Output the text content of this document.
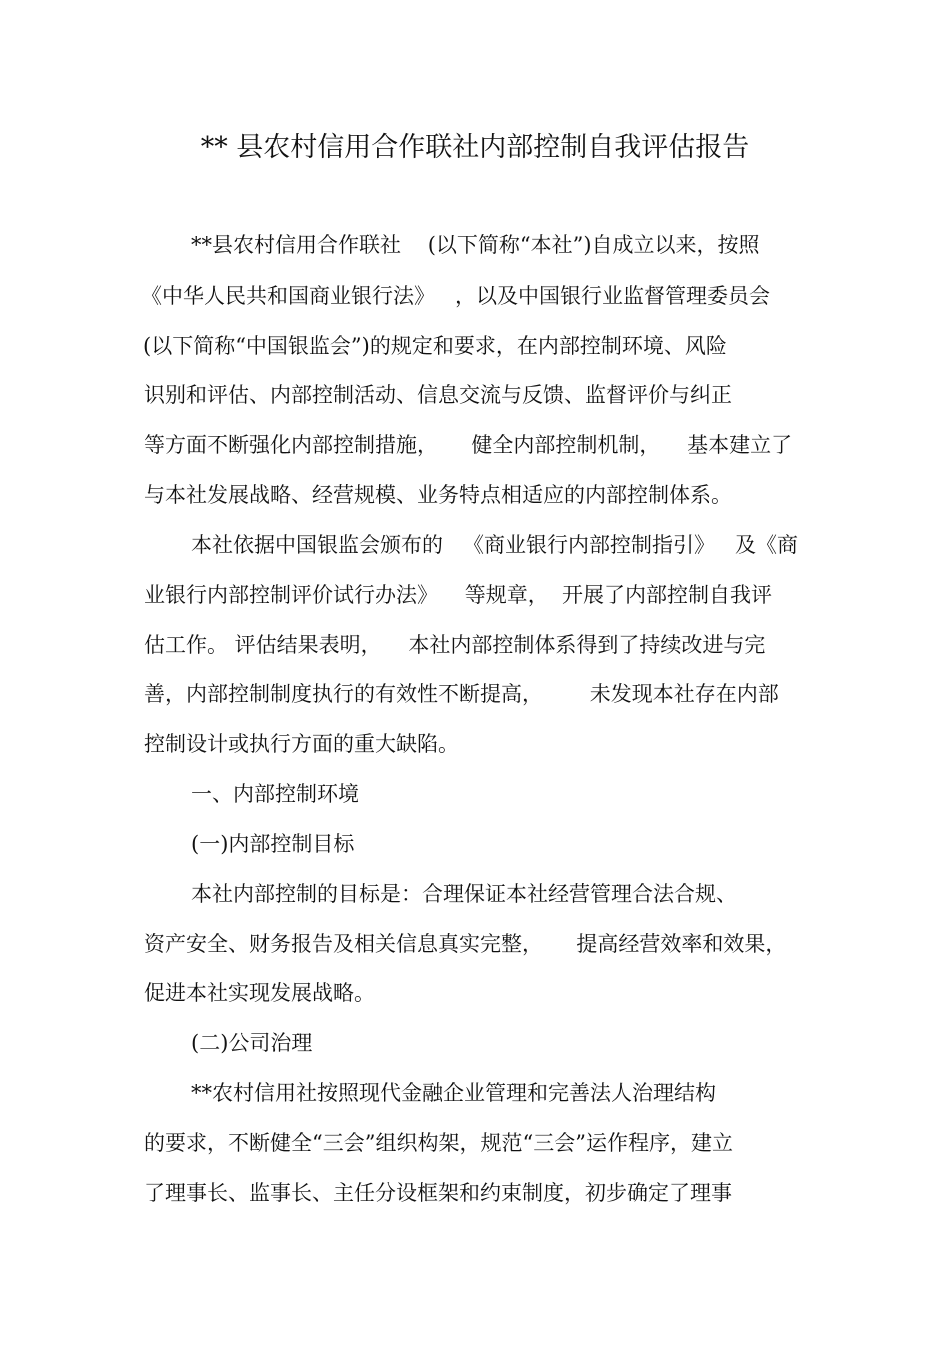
** 县农村信用合作联社内部控制自我评估报告
**县农村信用合作联社    (以下简称“本社”)自成立以来，按照
《中华人民共和国商业银行法》   ，以及中国银行业监督管理委员会
(以下简称“中国银监会”)的规定和要求，在内部控制环境、风险
识别和评估、内部控制活动、信息交流与反馈、监督评价与纠正
等方面不断强化内部控制措施，     健全内部控制机制，    基本建立了
与本社发展战略、经营规模、业务特点相适应的内部控制体系。
本社依据中国银监会颁布的   《商业银行内部控制指引》   及《商
业银行内部控制评价试行办法》    等规章，  开展了内部控制自我评
估工作。 评估结果表明，    本社内部控制体系得到了持续改进与完
善，内部控制制度执行的有效性不断提高，       未发现本社存在内部
控制设计或执行方面的重大缺陷。
一、内部控制环境
(一)内部控制目标
本社内部控制的目标是：合理保证本社经营管理合法合规、
资产安全、财务报告及相关信息真实完整，     提高经营效率和效果，
促进本社实现发展战略。
(二)公司治理
**农村信用社按照现代金融企业管理和完善法人治理结构
的要求，不断健全“三会”组织构架，规范“三会”运作程序，建立
了理事长、监事长、主任分设框架和约束制度，初步确定了理事
